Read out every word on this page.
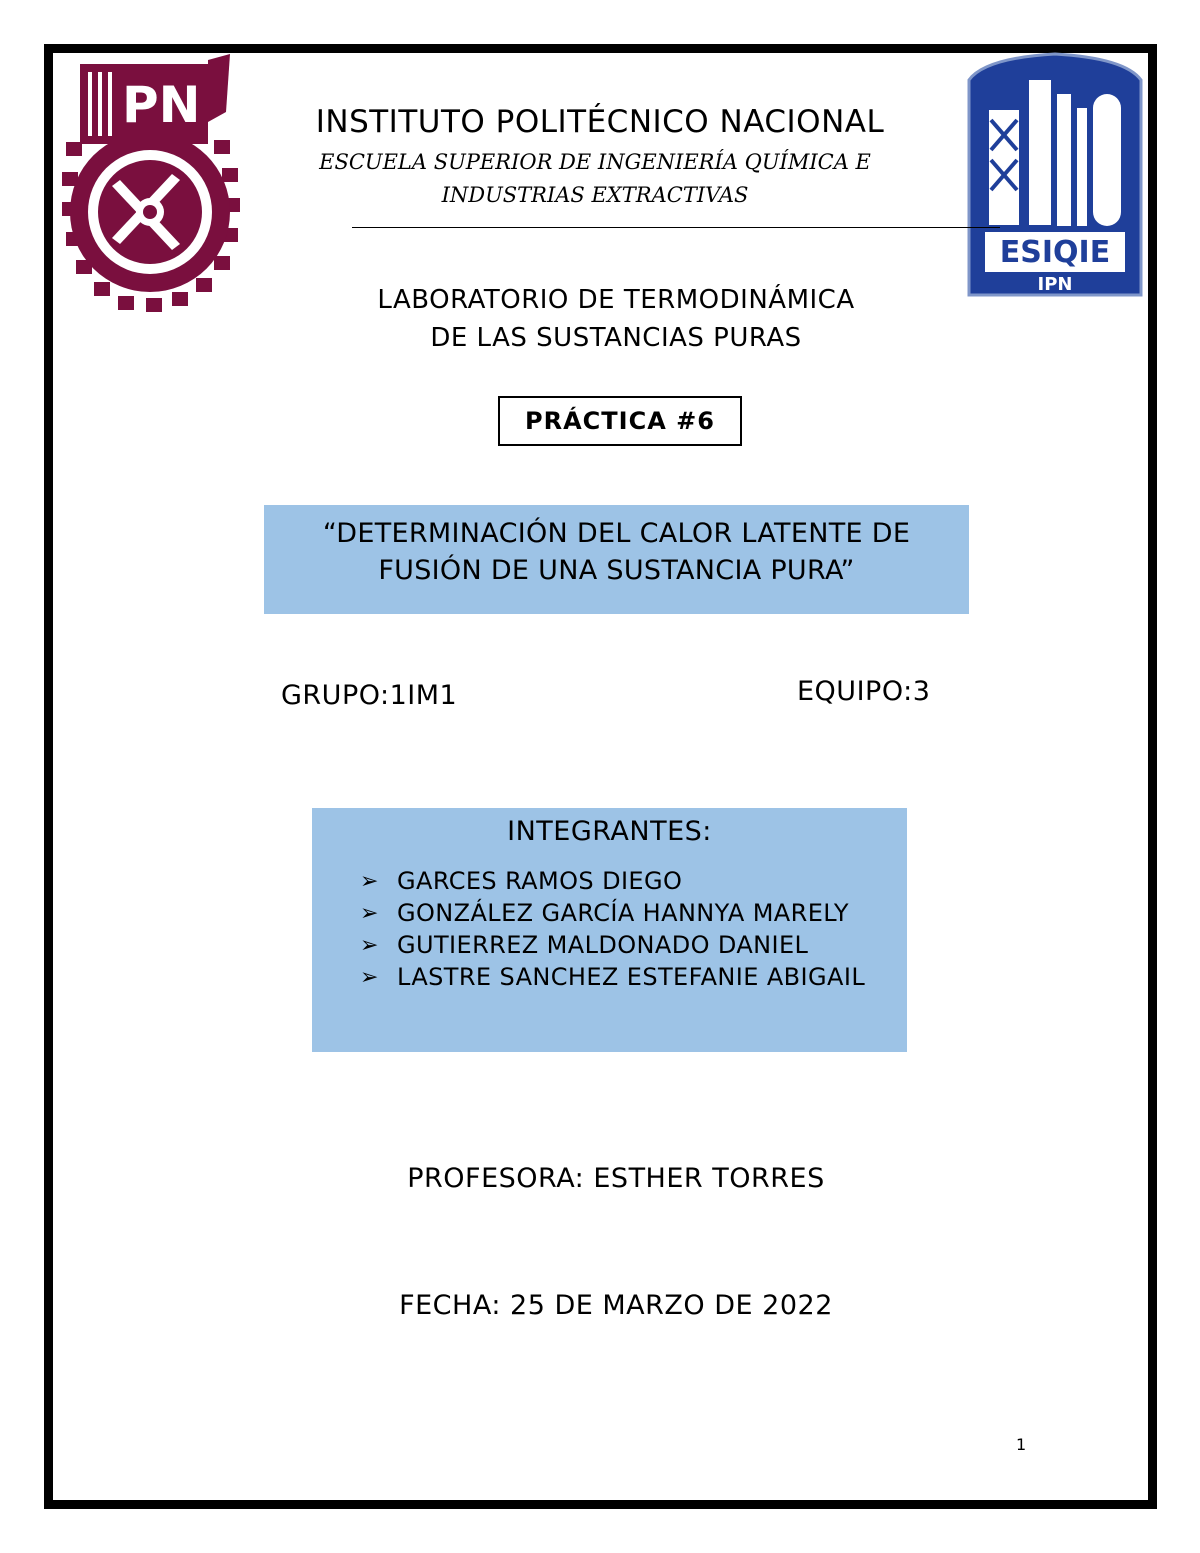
PN
ESIQIE
IPN
INSTITUTO POLITÉCNICO NACIONAL
ESCUELA SUPERIOR DE INGENIERÍA QUÍMICA E
INDUSTRIAS EXTRACTIVAS
LABORATORIO DE TERMODINÁMICA
DE LAS SUSTANCIAS PURAS
PRÁCTICA #6
“DETERMINACIÓN DEL CALOR LATENTE DE
FUSIÓN DE UNA SUSTANCIA PURA”
GRUPO:1IM1	EQUIPO:3
INTEGRANTES:
➢ GARCES RAMOS DIEGO
➢ GONZÁLEZ GARCÍA HANNYA MARELY
➢ GUTIERREZ MALDONADO DANIEL
➢ LASTRE SANCHEZ ESTEFANIE ABIGAIL
PROFESORA: ESTHER TORRES
FECHA: 25 DE MARZO DE 2022
1
